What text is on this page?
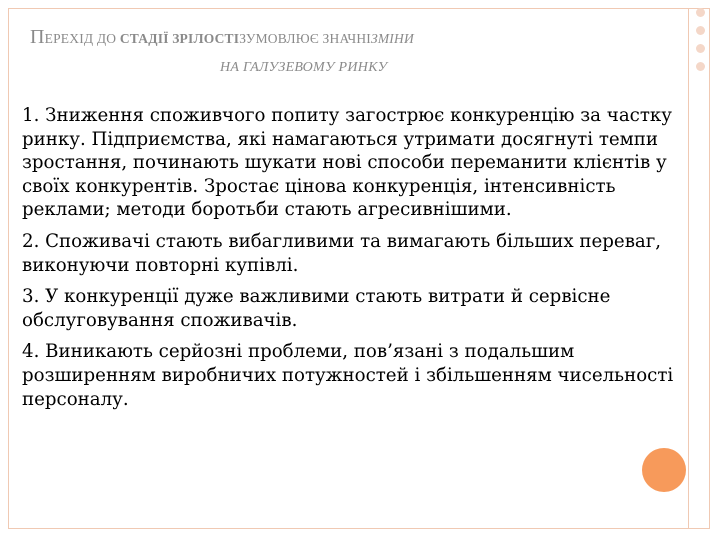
ПЕРЕХІД ДО СТАДІЇ ЗРІЛОСТІЗУМОВЛЮЄ ЗНАЧНІЗМІНИ
НА ГАЛУЗЕВОМУ РИНКУ

1. Зниження споживчого попиту загострює конкуренцію за частку ринку. Підприємства, які намагаються утримати досягнуті темпи зростання, починають шукати нові способи переманити клієнтів у своїх конкурентів. Зростає цінова конкуренція, інтенсивність реклами; методи боротьби стають агресивнішими.

2. Споживачі стають вибагливими та вимагають більших переваг, виконуючи повторні купівлі.

3. У конкуренції дуже важливими стають витрати й сервісне обслуговування споживачів.

4. Виникають серйозні проблеми, пов’язані з подальшим розширенням виробничих потужностей і збільшенням чисельності персоналу.
